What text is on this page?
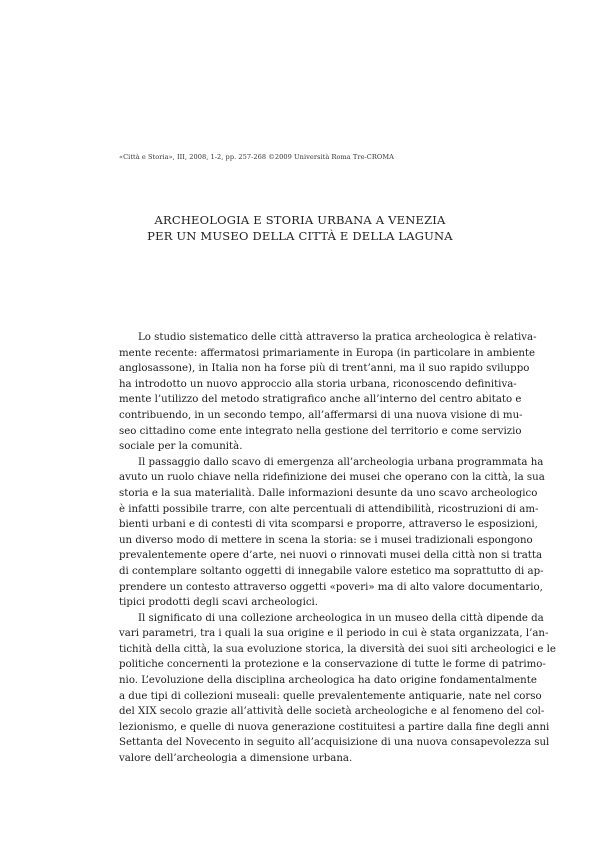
«Città e Storia», III, 2008, 1-2, pp. 257-268 ©2009 Università Roma Tre-CROMA
ARCHEOLOGIA E STORIA URBANA A VENEZIA
PER UN MUSEO DELLA CITTÀ E DELLA LAGUNA
Lo studio sistematico delle città attraverso la pratica archeologica è relativa-
mente recente: affermatosi primariamente in Europa (in particolare in ambiente
anglosassone), in Italia non ha forse più di trent’anni, ma il suo rapido sviluppo
ha introdotto un nuovo approccio alla storia urbana, riconoscendo definitiva-
mente l’utilizzo del metodo stratigrafico anche all’interno del centro abitato e
contribuendo, in un secondo tempo, all’affermarsi di una nuova visione di mu-
seo cittadino come ente integrato nella gestione del territorio e come servizio
sociale per la comunità.
Il passaggio dallo scavo di emergenza all’archeologia urbana programmata ha
avuto un ruolo chiave nella ridefinizione dei musei che operano con la città, la sua
storia e la sua materialità. Dalle informazioni desunte da uno scavo archeologico
è infatti possibile trarre, con alte percentuali di attendibilità, ricostruzioni di am-
bienti urbani e di contesti di vita scomparsi e proporre, attraverso le esposizioni,
un diverso modo di mettere in scena la storia: se i musei tradizionali espongono
prevalentemente opere d’arte, nei nuovi o rinnovati musei della città non si tratta
di contemplare soltanto oggetti di innegabile valore estetico ma soprattutto di ap-
prendere un contesto attraverso oggetti «poveri» ma di alto valore documentario,
tipici prodotti degli scavi archeologici.
Il significato di una collezione archeologica in un museo della città dipende da
vari parametri, tra i quali la sua origine e il periodo in cui è stata organizzata, l’an-
tichità della città, la sua evoluzione storica, la diversità dei suoi siti archeologici e le
politiche concernenti la protezione e la conservazione di tutte le forme di patrimo-
nio. L’evoluzione della disciplina archeologica ha dato origine fondamentalmente
a due tipi di collezioni museali: quelle prevalentemente antiquarie, nate nel corso
del XIX secolo grazie all’attività delle società archeologiche e al fenomeno del col-
lezionismo, e quelle di nuova generazione costituitesi a partire dalla fine degli anni
Settanta del Novecento in seguito all’acquisizione di una nuova consapevolezza sul
valore dell’archeologia a dimensione urbana.
